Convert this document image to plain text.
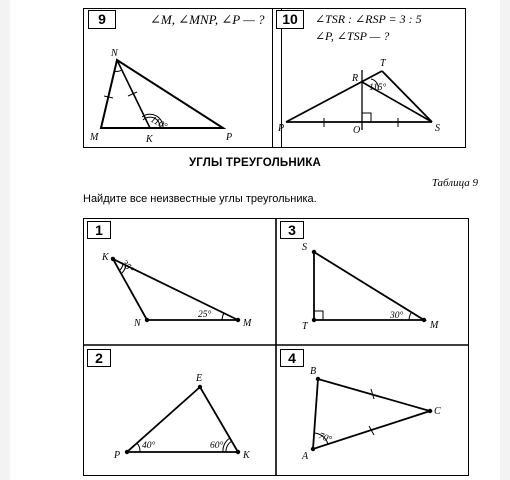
9	10
∠M, ∠MNP, ∠P — ?	∠TSR : ∠RSP = 3 : 5
∠P, ∠TSP — ?
N
M	K	P
110°
T
R
P	O	S
115°
УГЛЫ ТРЕУГОЛЬНИКА
Таблица 9
Найдите все неизвестные углы треугольника.
1	3
2	4
K
N	M
35°
25°
S
T	M
30°
E
P	K
40°	60°
B
C
A
70°
